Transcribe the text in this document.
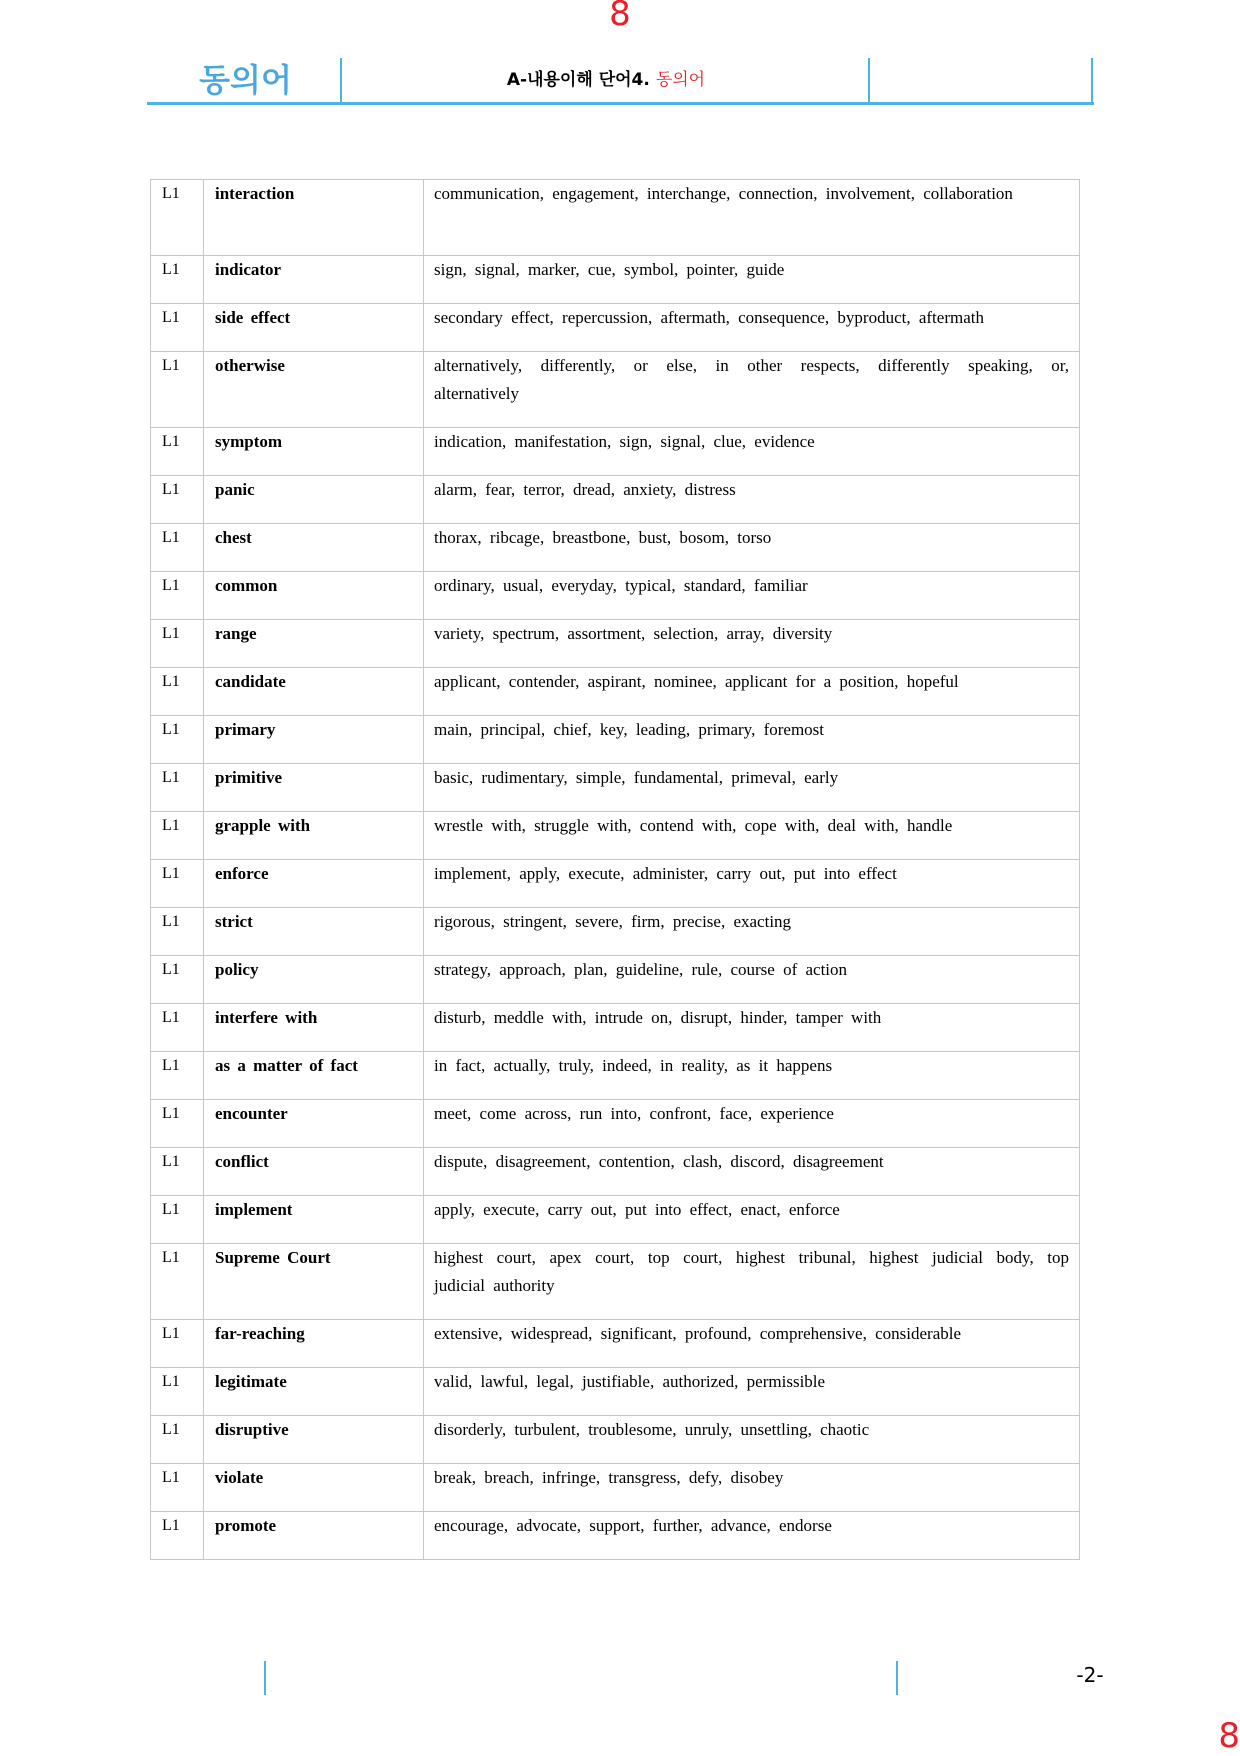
8
동의어	A-내용이해 단어4. 동의어
L1	interaction	communication, engagement, interchange, connection, involvement, collaboration
L1	indicator	sign, signal, marker, cue, symbol, pointer, guide
L1	side effect	secondary effect, repercussion, aftermath, consequence, byproduct, aftermath
L1	otherwise	alternatively, differently, or else, in other respects, differently speaking, or, alternatively
L1	symptom	indication, manifestation, sign, signal, clue, evidence
L1	panic	alarm, fear, terror, dread, anxiety, distress
L1	chest	thorax, ribcage, breastbone, bust, bosom, torso
L1	common	ordinary, usual, everyday, typical, standard, familiar
L1	range	variety, spectrum, assortment, selection, array, diversity
L1	candidate	applicant, contender, aspirant, nominee, applicant for a position, hopeful
L1	primary	main, principal, chief, key, leading, primary, foremost
L1	primitive	basic, rudimentary, simple, fundamental, primeval, early
L1	grapple with	wrestle with, struggle with, contend with, cope with, deal with, handle
L1	enforce	implement, apply, execute, administer, carry out, put into effect
L1	strict	rigorous, stringent, severe, firm, precise, exacting
L1	policy	strategy, approach, plan, guideline, rule, course of action
L1	interfere with	disturb, meddle with, intrude on, disrupt, hinder, tamper with
L1	as a matter of fact	in fact, actually, truly, indeed, in reality, as it happens
L1	encounter	meet, come across, run into, confront, face, experience
L1	conflict	dispute, disagreement, contention, clash, discord, disagreement
L1	implement	apply, execute, carry out, put into effect, enact, enforce
L1	Supreme Court	highest court, apex court, top court, highest tribunal, highest judicial body, top judicial authority
L1	far-reaching	extensive, widespread, significant, profound, comprehensive, considerable
L1	legitimate	valid, lawful, legal, justifiable, authorized, permissible
L1	disruptive	disorderly, turbulent, troublesome, unruly, unsettling, chaotic
L1	violate	break, breach, infringe, transgress, defy, disobey
L1	promote	encourage, advocate, support, further, advance, endorse
-2-
8
